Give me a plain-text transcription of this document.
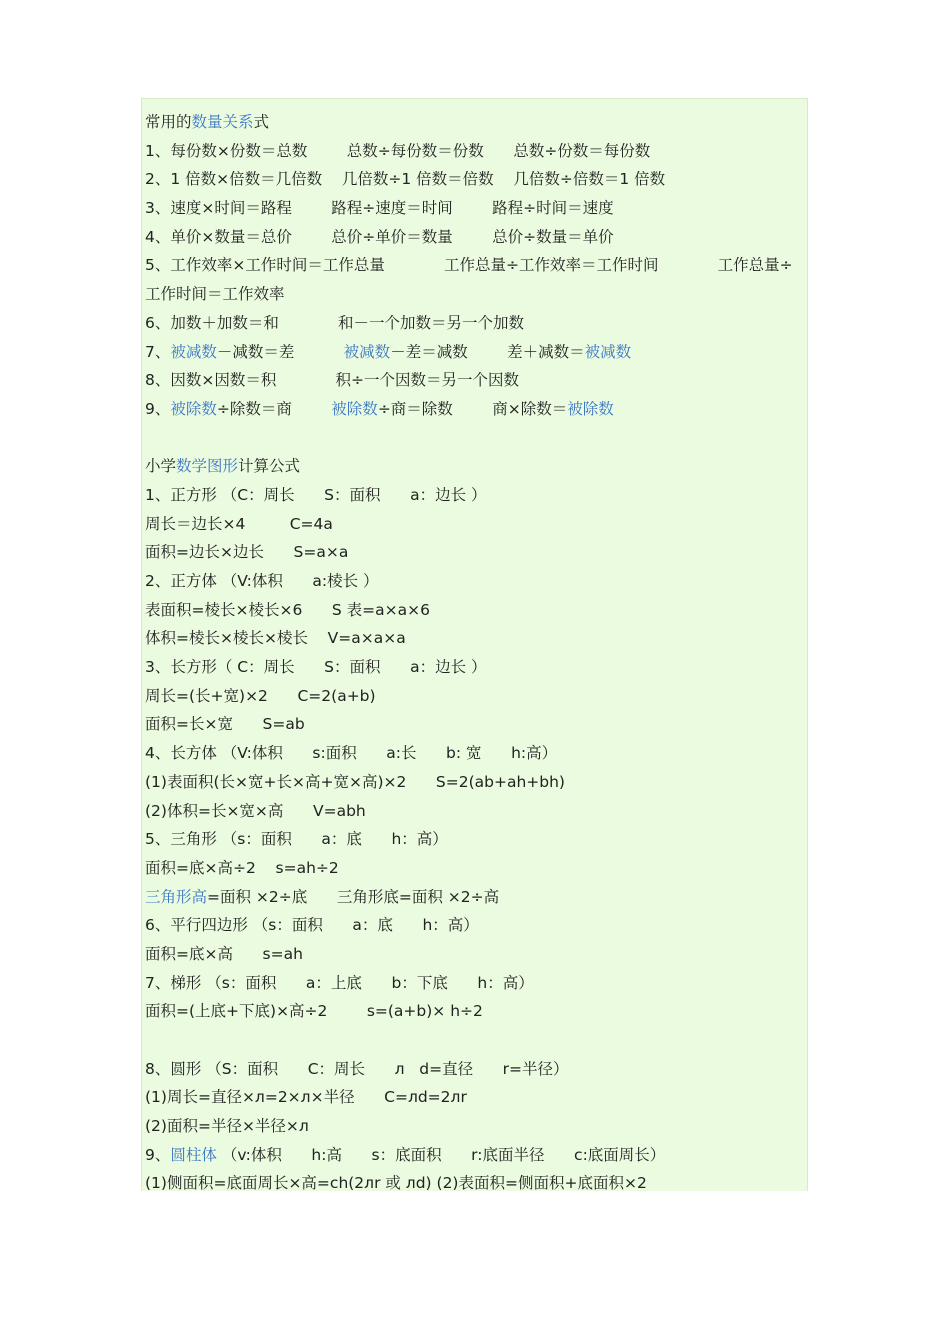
常用的数量关系式
1、每份数×份数＝总数        总数÷每份数＝份数      总数÷份数＝每份数
2、1 倍数×倍数＝几倍数    几倍数÷1 倍数＝倍数    几倍数÷倍数＝1 倍数
3、速度×时间＝路程        路程÷速度＝时间        路程÷时间＝速度
4、单价×数量＝总价        总价÷单价＝数量        总价÷数量＝单价
5、工作效率×工作时间＝工作总量            工作总量÷工作效率＝工作时间            工作总量÷
工作时间＝工作效率
6、加数＋加数＝和            和－一个加数＝另一个加数
7、被减数－减数＝差          被减数－差＝减数        差＋减数＝被减数
8、因数×因数＝积            积÷一个因数＝另一个因数
9、被除数÷除数＝商        被除数÷商＝除数        商×除数＝被除数
小学数学图形计算公式
1、正方形 （C：周长      S：面积      a：边长 ）
周长＝边长×4         C=4a
面积=边长×边长      S=a×a
2、正方体 （V:体积      a:棱长 ）
表面积=棱长×棱长×6      S 表=a×a×6
体积=棱长×棱长×棱长    V=a×a×a
3、长方形（ C：周长      S：面积      a：边长 ）
周长=(长+宽)×2      C=2(a+b)
面积=长×宽      S=ab
4、长方体 （V:体积      s:面积      a:长      b: 宽      h:高）
(1)表面积(长×宽+长×高+宽×高)×2      S=2(ab+ah+bh)
(2)体积=长×宽×高      V=abh
5、三角形 （s：面积      a：底      h：高）
面积=底×高÷2    s=ah÷2
三角形高=面积 ×2÷底      三角形底=面积 ×2÷高
6、平行四边形 （s：面积      a：底      h：高）
面积=底×高      s=ah
7、梯形 （s：面积      a：上底      b：下底      h：高）
面积=(上底+下底)×高÷2        s=(a+b)× h÷2
8、圆形 （S：面积      C：周长      л   d=直径      r=半径）
(1)周长=直径×л=2×л×半径      C=лd=2лr
(2)面积=半径×半径×л
9、圆柱体 （v:体积      h:高      s：底面积      r:底面半径      c:底面周长）
(1)侧面积=底面周长×高=ch(2лr 或 лd) (2)表面积=侧面积+底面积×2
